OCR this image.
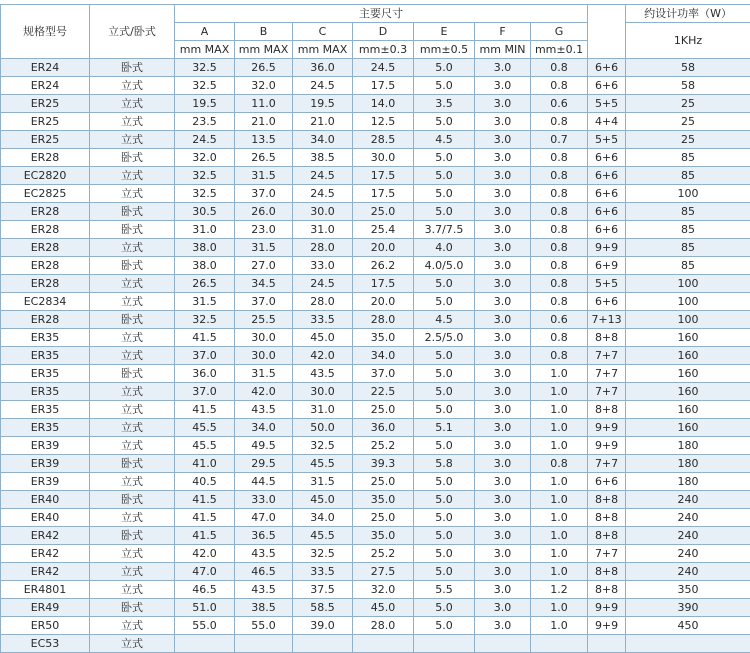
规格型号	立式/卧式	主要尺寸								约设计功率（W）
		A	B	C	D	E	F	G		1KHz
		mm MAX	mm MAX	mm MAX	mm±0.3	mm±0.5	mm MIN	mm±0.1		
ER24	卧式	32.5	26.5	36.0	24.5	5.0	3.0	0.8	6+6	58
ER24	立式	32.5	32.0	24.5	17.5	5.0	3.0	0.8	6+6	58
ER25	立式	19.5	11.0	19.5	14.0	3.5	3.0	0.6	5+5	25
ER25	立式	23.5	21.0	21.0	12.5	5.0	3.0	0.8	4+4	25
ER25	立式	24.5	13.5	34.0	28.5	4.5	3.0	0.7	5+5	25
ER28	卧式	32.0	26.5	38.5	30.0	5.0	3.0	0.8	6+6	85
EC2820	立式	32.5	31.5	24.5	17.5	5.0	3.0	0.8	6+6	85
EC2825	立式	32.5	37.0	24.5	17.5	5.0	3.0	0.8	6+6	100
ER28	卧式	30.5	26.0	30.0	25.0	5.0	3.0	0.8	6+6	85
ER28	卧式	31.0	23.0	31.0	25.4	3.7/7.5	3.0	0.8	6+6	85
ER28	立式	38.0	31.5	28.0	20.0	4.0	3.0	0.8	9+9	85
ER28	卧式	38.0	27.0	33.0	26.2	4.0/5.0	3.0	0.8	6+9	85
ER28	立式	26.5	34.5	24.5	17.5	5.0	3.0	0.8	5+5	100
EC2834	立式	31.5	37.0	28.0	20.0	5.0	3.0	0.8	6+6	100
ER28	卧式	32.5	25.5	33.5	28.0	4.5	3.0	0.6	7+13	100
ER35	立式	41.5	30.0	45.0	35.0	2.5/5.0	3.0	0.8	8+8	160
ER35	立式	37.0	30.0	42.0	34.0	5.0	3.0	0.8	7+7	160
ER35	卧式	36.0	31.5	43.5	37.0	5.0	3.0	1.0	7+7	160
ER35	立式	37.0	42.0	30.0	22.5	5.0	3.0	1.0	7+7	160
ER35	立式	41.5	43.5	31.0	25.0	5.0	3.0	1.0	8+8	160
ER35	立式	45.5	34.0	50.0	36.0	5.1	3.0	1.0	9+9	160
ER39	立式	45.5	49.5	32.5	25.2	5.0	3.0	1.0	9+9	180
ER39	卧式	41.0	29.5	45.5	39.3	5.8	3.0	0.8	7+7	180
ER39	立式	40.5	44.5	31.5	25.0	5.0	3.0	1.0	6+6	180
ER40	卧式	41.5	33.0	45.0	35.0	5.0	3.0	1.0	8+8	240
ER40	立式	41.5	47.0	34.0	25.0	5.0	3.0	1.0	8+8	240
ER42	卧式	41.5	36.5	45.5	35.0	5.0	3.0	1.0	8+8	240
ER42	立式	42.0	43.5	32.5	25.2	5.0	3.0	1.0	7+7	240
ER42	立式	47.0	46.5	33.5	27.5	5.0	3.0	1.0	8+8	240
ER4801	立式	46.5	43.5	37.5	32.0	5.5	3.0	1.2	8+8	350
ER49	卧式	51.0	38.5	58.5	45.0	5.0	3.0	1.0	9+9	390
ER50	立式	55.0	55.0	39.0	28.0	5.0	3.0	1.0	9+9	450
EC53	立式									
